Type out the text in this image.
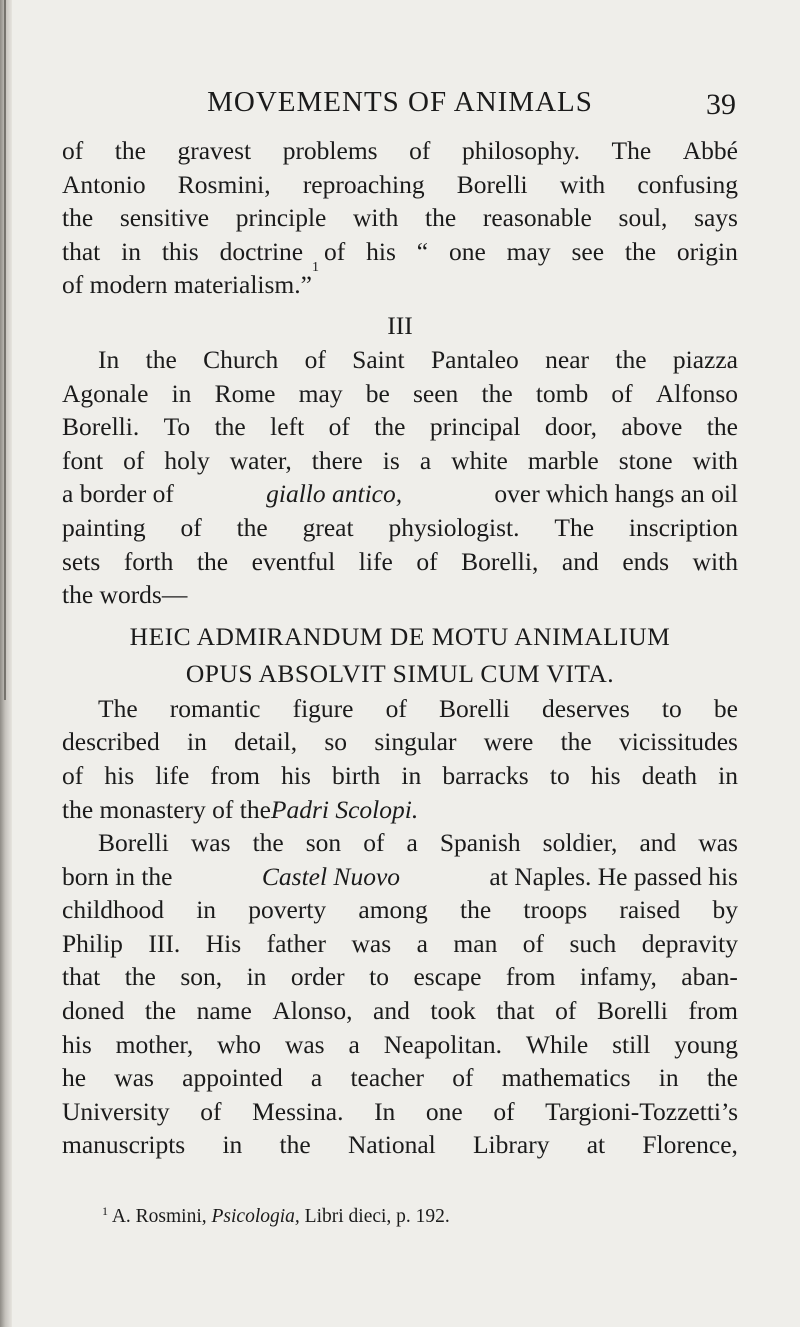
MOVEMENTS OF ANIMALS	39
of the gravest problems of philosophy. The Abbé
Antonio Rosmini, reproaching Borelli with confusing
the sensitive principle with the reasonable soul, says
that in this doctrine of his “ one may see the origin
of modern materialism.”
1
III
In the Church of Saint Pantaleo near the piazza
Agonale in Rome may be seen the tomb of Alfonso
Borelli. To the left of the principal door, above the
font of holy water, there is a white marble stone with
a border of	giallo antico,	over which hangs an oil
painting of the great physiologist. The inscription
sets forth the eventful life of Borelli, and ends with
the words—
HEIC ADMIRANDUM DE MOTU ANIMALIUM
OPUS ABSOLVIT SIMUL CUM VITA.
The romantic figure of Borelli deserves to be
described in detail, so singular were the vicissitudes
of his life from his birth in barracks to his death in
the monastery of the Padri Scolopi.
Borelli was the son of a Spanish soldier, and was
born in the	Castel Nuovo	at Naples. He passed his
childhood in poverty among the troops raised by
Philip III. His father was a man of such depravity
that the son, in order to escape from infamy, aban-
doned the name Alonso, and took that of Borelli from
his mother, who was a Neapolitan. While still young
he was appointed a teacher of mathematics in the
University of Messina. In one of Targioni-Tozzetti’s
manuscripts in the National Library at Florence,
$^1$ A. Rosmini, Psicologia, Libri dieci, p. 192.
